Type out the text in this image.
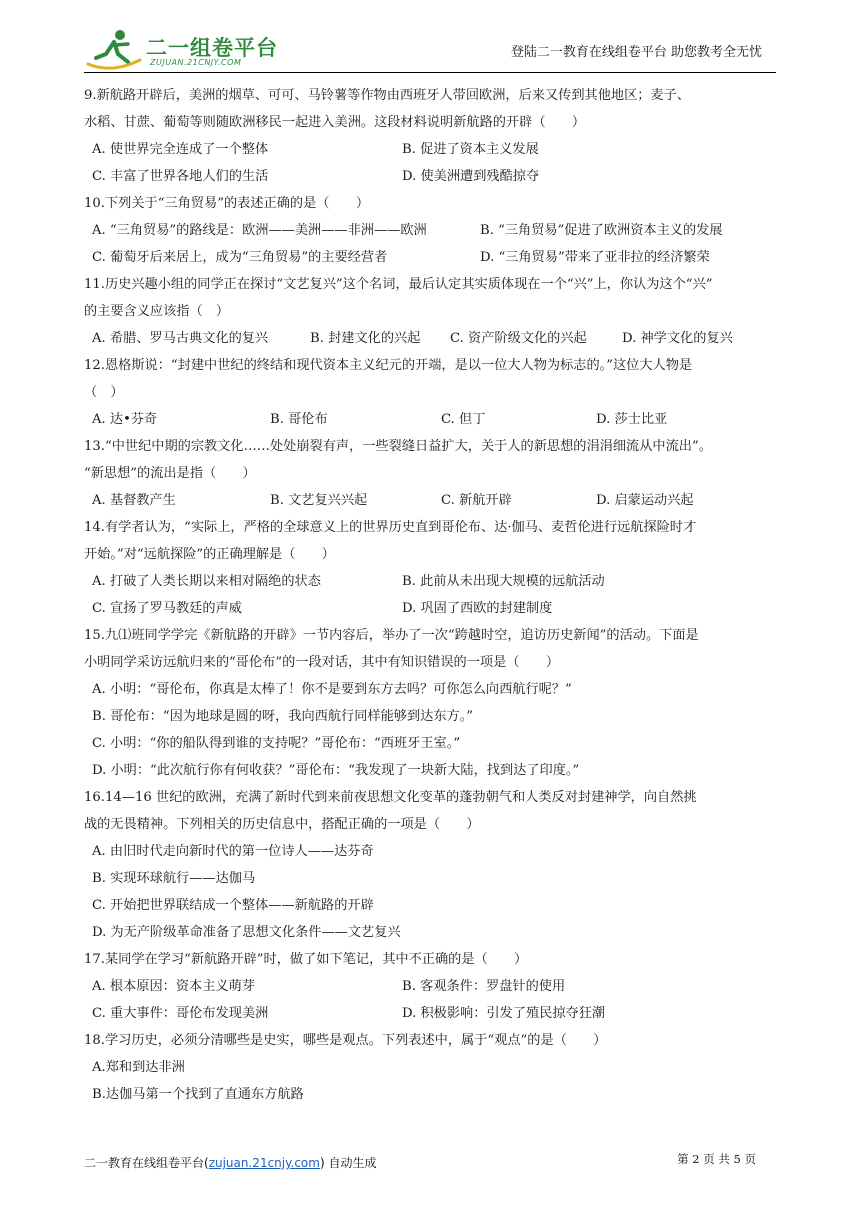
二一组卷平台
ZUJUAN.21CNJY.COM
登陆二一教育在线组卷平台 助您教考全无忧
9.新航路开辟后，美洲的烟草、可可、马铃薯等作物由西班牙人带回欧洲，后来又传到其他地区；麦子、
水稻、甘蔗、葡萄等则随欧洲移民一起进入美洲。这段材料说明新航路的开辟（　　）
A. 使世界完全连成了一个整体	B. 促进了资本主义发展
C. 丰富了世界各地人们的生活	D. 使美洲遭到残酷掠夺
10.下列关于“三角贸易”的表述正确的是（　　）
A. “三角贸易”的路线是：欧洲——美洲——非洲——欧洲	B. “三角贸易”促进了欧洲资本主义的发展
C. 葡萄牙后来居上，成为“三角贸易”的主要经营者	D. “三角贸易”带来了亚非拉的经济繁荣
11.历史兴趣小组的同学正在探讨“文艺复兴”这个名词，最后认定其实质体现在一个“兴”上，你认为这个“兴”
的主要含义应该指（　）
A. 希腊、罗马古典文化的复兴	B. 封建文化的兴起	C. 资产阶级文化的兴起	D. 神学文化的复兴
12.恩格斯说：“封建中世纪的终结和现代资本主义纪元的开端，是以一位大人物为标志的。”这位大人物是
（　）
A. 达•芬奇	B. 哥伦布	C. 但丁	D. 莎士比亚
13.“中世纪中期的宗教文化……处处崩裂有声，一些裂缝日益扩大，关于人的新思想的涓涓细流从中流出”。
“新思想”的流出是指（　　）
A. 基督教产生	B. 文艺复兴兴起	C. 新航开辟	D. 启蒙运动兴起
14.有学者认为，“实际上，严格的全球意义上的世界历史直到哥伦布、达·伽马、麦哲伦进行远航探险时才
开始。”对“远航探险”的正确理解是（　　）
A. 打破了人类长期以来相对隔绝的状态	B. 此前从未出现大规模的远航活动
C. 宣扬了罗马教廷的声威	D. 巩固了西欧的封建制度
15.九⑴班同学学完《新航路的开辟》一节内容后，举办了一次“跨越时空，追访历史新闻”的活动。下面是
小明同学采访远航归来的“哥伦布”的一段对话，其中有知识错误的一项是（　　）
A. 小明：“哥伦布，你真是太棒了！你不是要到东方去吗？可你怎么向西航行呢？”
B. 哥伦布：“因为地球是圆的呀，我向西航行同样能够到达东方。”
C. 小明：“你的船队得到谁的支持呢？”哥伦布：“西班牙王室。”
D. 小明：“此次航行你有何收获？”哥伦布：“我发现了一块新大陆，找到达了印度。”
16.14—16 世纪的欧洲，充满了新时代到来前夜思想文化变革的蓬勃朝气和人类反对封建神学，向自然挑
战的无畏精神。下列相关的历史信息中，搭配正确的一项是（　　）
A. 由旧时代走向新时代的第一位诗人——达芬奇
B. 实现环球航行——达伽马
C. 开始把世界联结成一个整体——新航路的开辟
D. 为无产阶级革命准备了思想文化条件——文艺复兴
17.某同学在学习“新航路开辟”时，做了如下笔记，其中不正确的是（　　）
A. 根本原因：资本主义萌芽	B. 客观条件：罗盘针的使用
C. 重大事件：哥伦布发现美洲	D. 积极影响：引发了殖民掠夺狂潮
18.学习历史，必须分清哪些是史实，哪些是观点。下列表述中，属于“观点”的是（　　）
A.郑和到达非洲
B.达伽马第一个找到了直通东方航路
二一教育在线组卷平台(zujuan.21cnjy.com) 自动生成	第 2 页 共 5 页
